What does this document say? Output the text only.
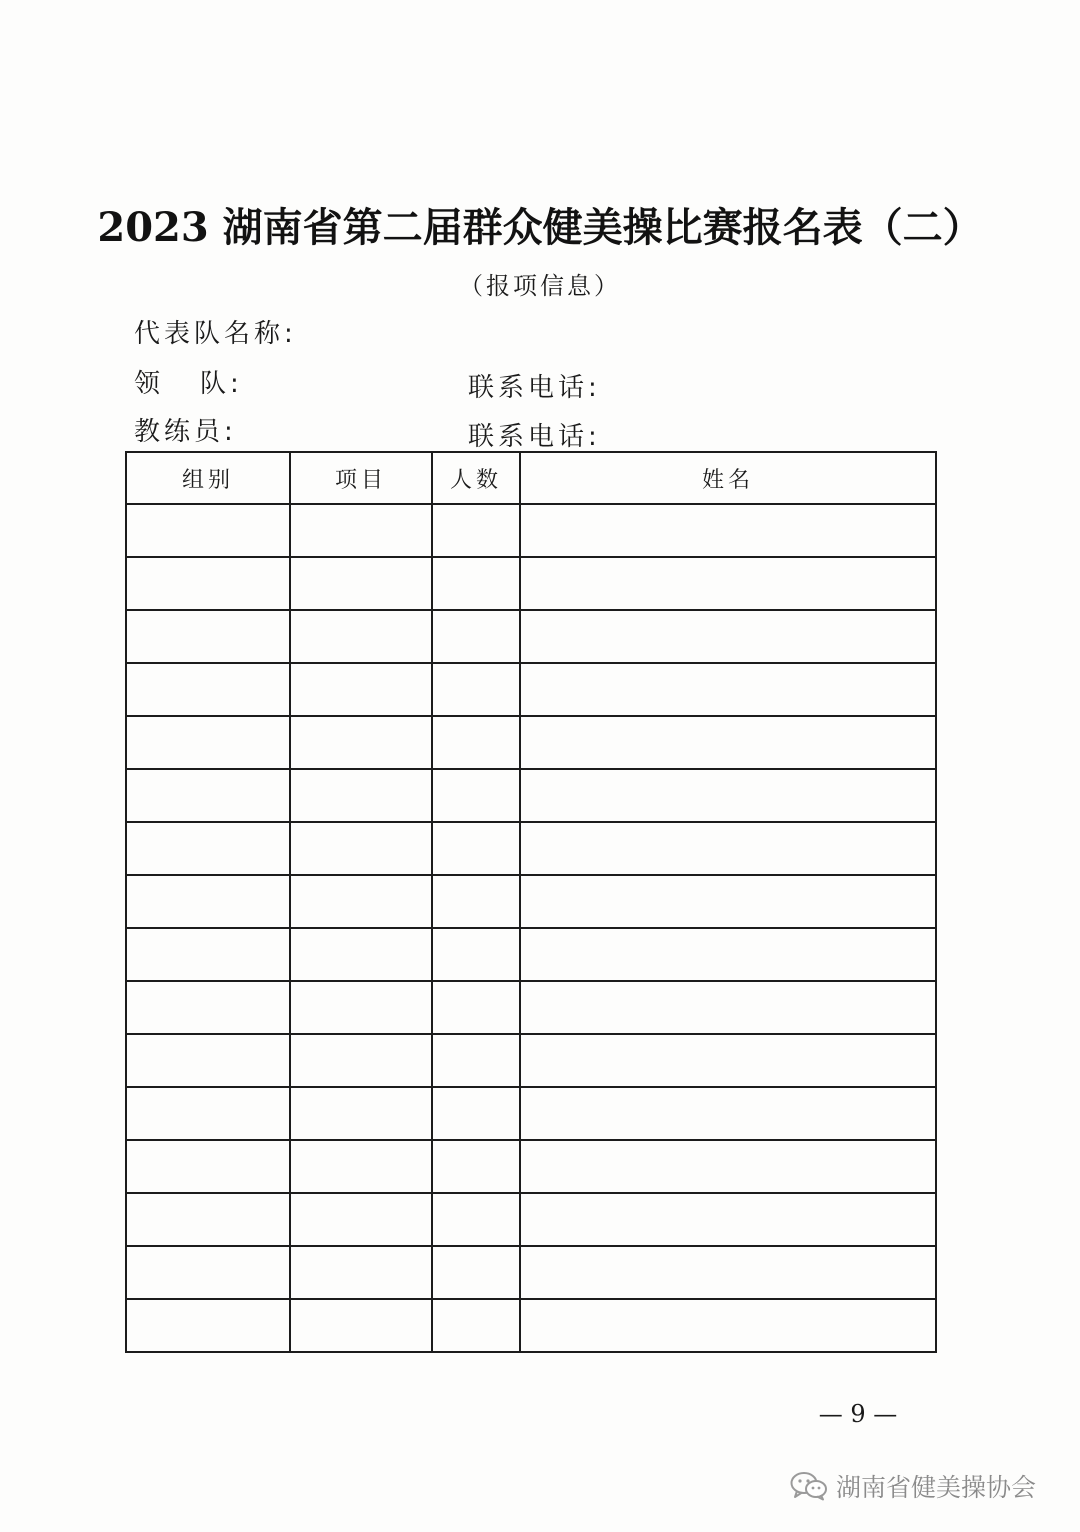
2023 湖南省第二届群众健美操比赛报名表（二）
（报项信息）
代表队名称:
领 队:	联系电话:
教练员:	联系电话:
组别	项目	人数	姓名

— 9 —
湖南省健美操协会
